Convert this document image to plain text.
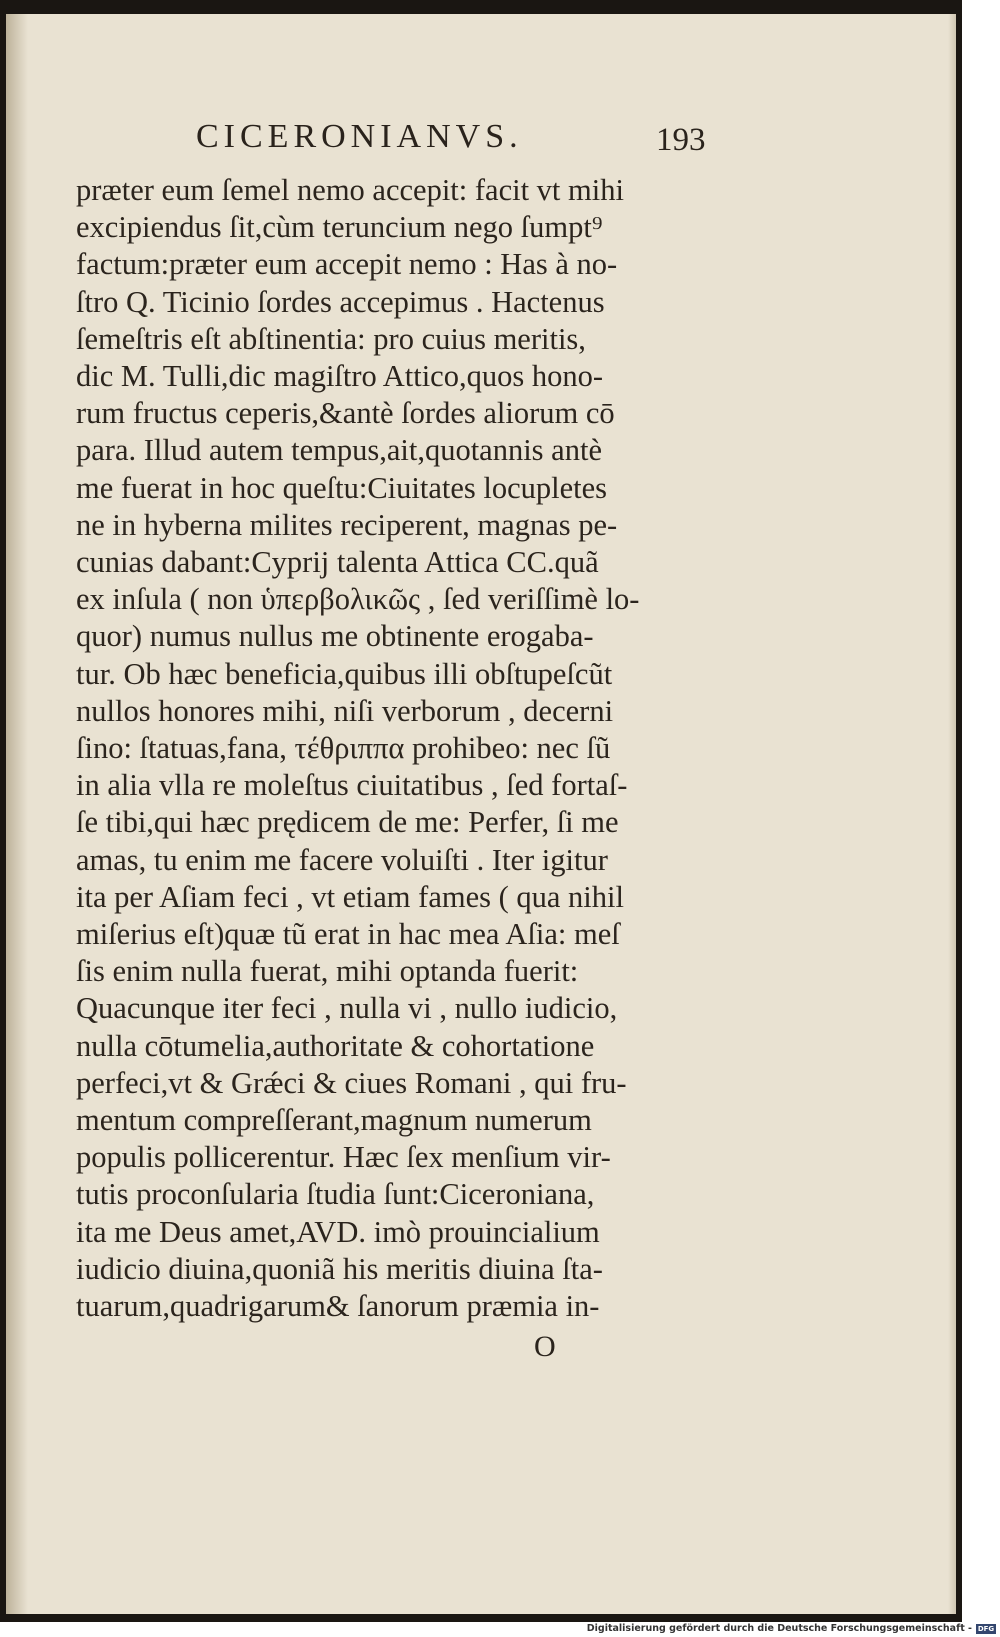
CICERONIANVS.	193
præter eum ſemel nemo accepit: facit vt mihi
excipiendus ſit,cùm teruncium nego ſumpt⁹
factum:præter eum accepit nemo : Has à no-
ſtro Q. Ticinio ſordes accepimus . Hactenus
ſemeſtris eſt abſtinentia: pro cuius meritis,
dic M. Tulli,dic magiſtro Attico,quos hono-
rum fructus ceperis,&antè ſordes aliorum cō
para. Illud autem tempus,ait,quotannis antè
me fuerat in hoc queſtu:Ciuitates locupletes
ne in hyberna milites reciperent, magnas pe-
cunias dabant:Cyprij talenta Attica CC.quã
ex inſula ( non ὑπερβολικῶς , ſed veriſſimè lo-
quor) numus nullus me obtinente erogaba-
tur. Ob hæc beneficia,quibus illi obſtupeſcũt
nullos honores mihi, niſi verborum , decerni
ſino: ſtatuas,fana, τέθριππα prohibeo: nec ſũ
in alia vlla re moleſtus ciuitatibus , ſed fortaſ-
ſe tibi,qui hæc prędicem de me: Perfer, ſi me
amas, tu enim me facere voluiſti . Iter igitur
ita per Aſiam feci , vt etiam fames ( qua nihil
miſerius eſt)quæ tũ erat in hac mea Aſia: meſ
ſis enim nulla fuerat, mihi optanda fuerit:
Quacunque iter feci , nulla vi , nullo iudicio,
nulla cōtumelia,authoritate & cohortatione
perfeci,vt & Grǽci & ciues Romani , qui fru-
mentum compreſſerant,magnum numerum
populis pollicerentur. Hæc ſex menſium vir-
tutis proconſularia ſtudia ſunt:Ciceroniana,
ita me Deus amet,AVD. imò prouincialium
iudicio diuina,quoniã his meritis diuina ſta-
tuarum,quadrigarum& ſanorum præmia in-
O
Digitalisierung gefördert durch die Deutsche Forschungsgemeinschaft - DFG
